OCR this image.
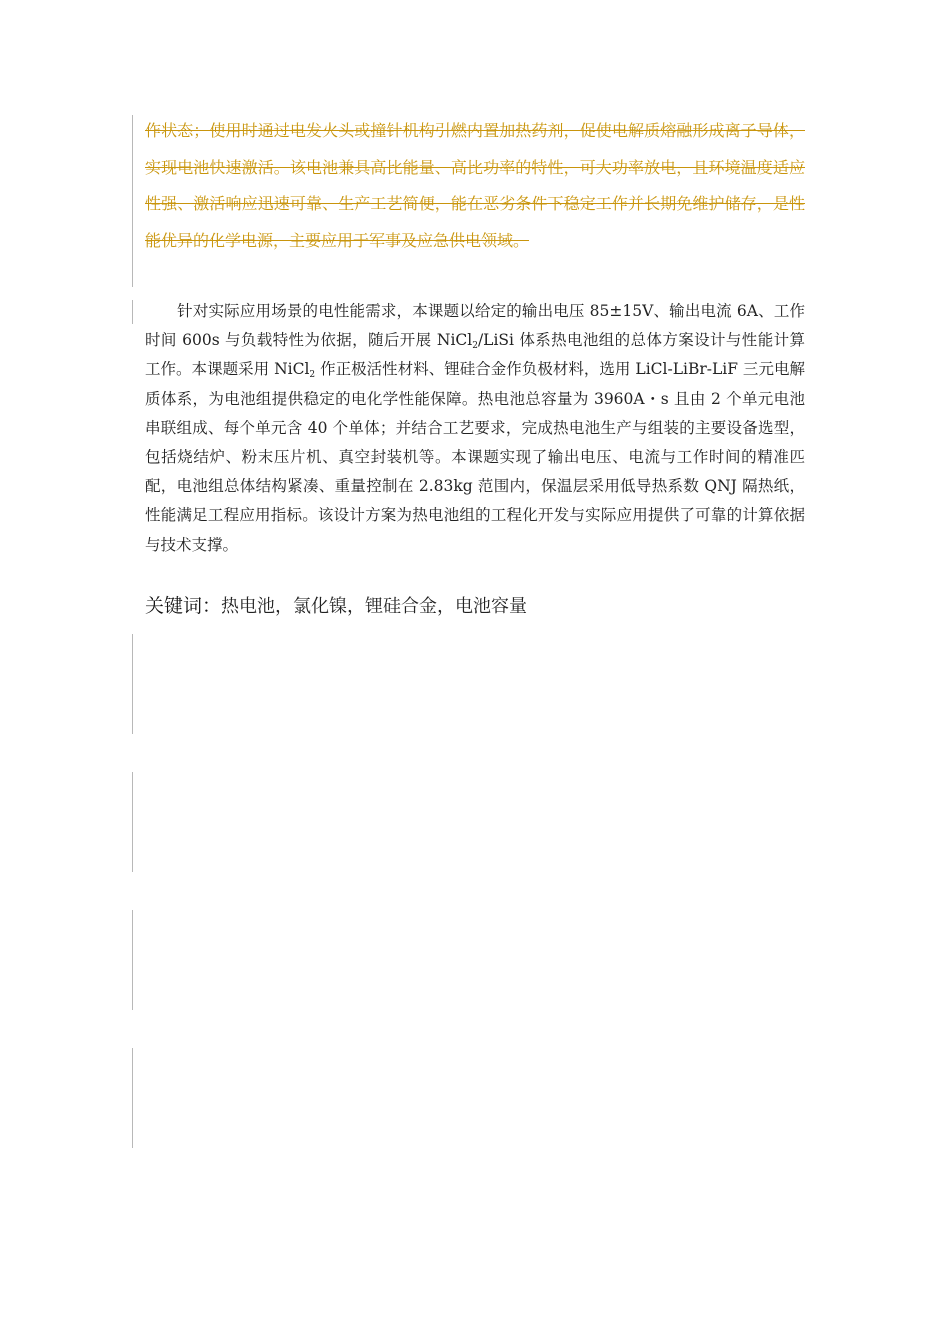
作状态；使用时通过电发火头或撞针机构引燃内置加热药剂，促使电解质熔融形成离子导体，实现电池快速激活。该电池兼具高比能量、高比功率的特性，可大功率放电，且环境温度适应性强、激活响应迅速可靠、生产工艺简便，能在恶劣条件下稳定工作并长期免维护储存，是性能优异的化学电源，主要应用于军事及应急供电领域。

针对实际应用场景的电性能需求，本课题以给定的输出电压 85±15V、输出电流 6A、工作时间 600s 与负载特性为依据，随后开展 NiCl$_2$/LiSi 体系热电池组的总体方案设计与性能计算工作。本课题采用 NiCl$_2$ 作正极活性材料、锂硅合金作负极材料，选用 LiCl-LiBr-LiF 三元电解质体系，为电池组提供稳定的电化学性能保障。热电池总容量为 3960A・s 且由 2 个单元电池串联组成、每个单元含 40 个单体；并结合工艺要求，完成热电池生产与组装的主要设备选型，包括烧结炉、粉末压片机、真空封装机等。本课题实现了输出电压、电流与工作时间的精准匹配，电池组总体结构紧凑、重量控制在 2.83kg 范围内，保温层采用低导热系数 QNJ 隔热纸，性能满足工程应用指标。该设计方案为热电池组的工程化开发与实际应用提供了可靠的计算依据与技术支撑。

关键词：热电池，氯化镍，锂硅合金，电池容量
